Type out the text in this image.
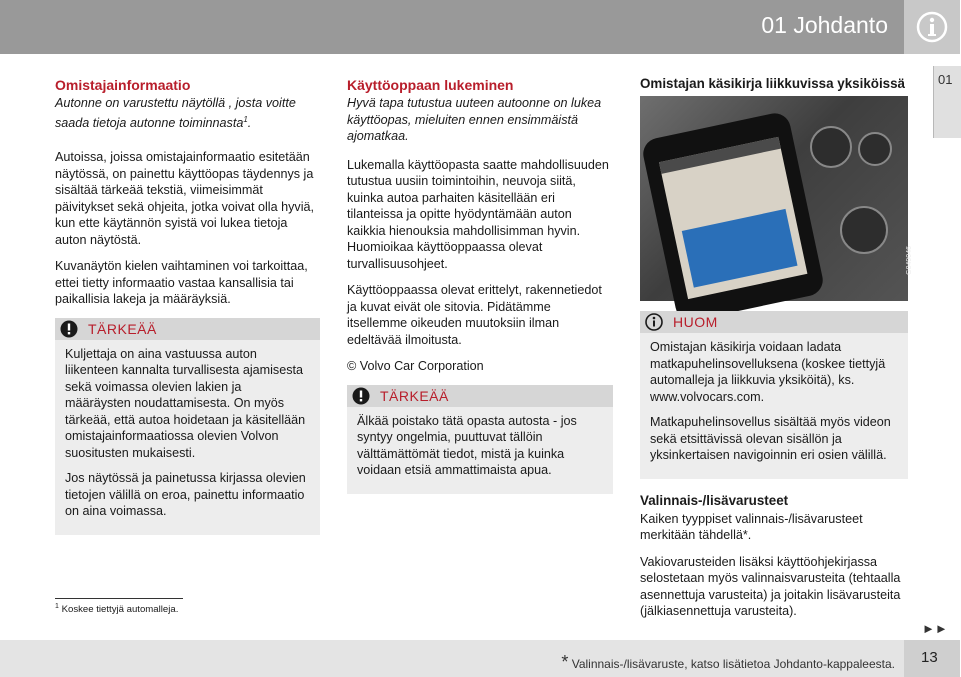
01 Johdanto
01
Omistajainformaatio
Autonne on varustettu näytöllä , josta voitte saada tietoja autonne toiminnasta$^1$.

Autoissa, joissa omistajainformaatio esitetään näytössä, on painettu käyttöopas täydennys ja sisältää tärkeää tekstiä, viimeisimmät päivitykset sekä ohjeita, jotka voivat olla hyviä, kun ette käytännön syistä voi lukea tietoja auton näytöstä.

Kuvanäytön kielen vaihtaminen voi tarkoittaa, ettei tietty informaatio vastaa kansallisia tai paikallisia lakeja ja määräyksiä.

TÄRKEÄÄ

Kuljettaja on aina vastuussa auton liikenteen kannalta turvallisesta ajamisesta sekä voimassa olevien lakien ja määräysten noudattamisesta. On myös tärkeää, että autoa hoidetaan ja käsitellään omistajainformaatiossa olevien Volvon suositusten mukaisesti.

Jos näytössä ja painetussa kirjassa olevien tietojen välillä on eroa, painettu informaatio on aina voimassa.

Käyttöoppaan lukeminen
Hyvä tapa tutustua uuteen autoonne on lukea käyttöopas, mieluiten ennen ensimmäistä ajomatkaa.

Lukemalla käyttöopasta saatte mahdollisuuden tutustua uusiin toimintoihin, neuvoja siitä, kuinka autoa parhaiten käsitellään eri tilanteissa ja opitte hyödyntämään auton kaikkia hienouksia mahdollisimman hyvin. Huomioikaa käyttöoppaassa olevat turvallisuusohjeet.

Käyttöoppaassa olevat erittelyt, rakennetiedot ja kuvat eivät ole sitovia. Pidätämme itsellemme oikeuden muutoksiin ilman edeltävää ilmoitusta.

© Volvo Car Corporation

TÄRKEÄÄ

Älkää poistako tätä opasta autosta - jos syntyy ongelmia, puuttuvat tällöin välttämättömät tiedot, mistä ja kuinka voidaan etsiä ammattimaista apua.

Omistajan käsikirja liikkuvissa yksiköissä
G049046
HUOM

Omistajan käsikirja voidaan ladata matkapuhelinsovelluksena (koskee tiettyjä automalleja ja liikkuvia yksiköitä), ks. www.volvocars.com.

Matkapuhelinsovellus sisältää myös videon sekä etsittävissä olevan sisällön ja yksinkertaisen navigoinnin eri osien välillä.

Valinnais-/lisävarusteet

Kaiken tyyppiset valinnais-/lisävarusteet merkitään tähdellä*.

Vakiovarusteiden lisäksi käyttöohjekirjassa selostetaan myös valinnaisvarusteita (tehtaalla asennettuja varusteita) ja joitakin lisävarusteita (jälkiasennettuja varusteita).

$^1$ Koskee tiettyjä automalleja.
►►
* Valinnais-/lisävaruste, katso lisätietoa Johdanto-kappaleesta. 13
